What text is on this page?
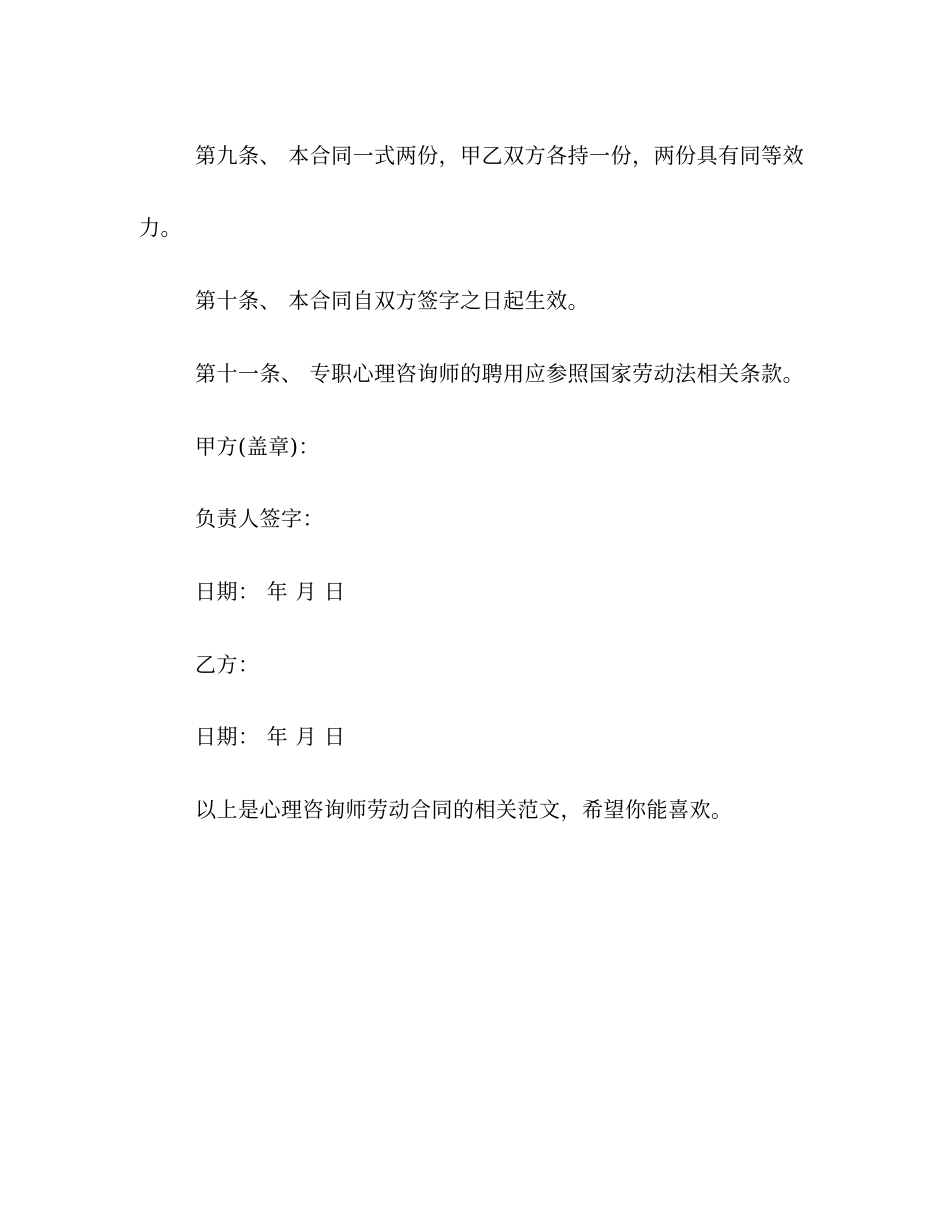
第九条、 本合同一式两份，甲乙双方各持一份，两份具有同等效
力。
第十条、 本合同自双方签字之日起生效。
第十一条、 专职心理咨询师的聘用应参照国家劳动法相关条款。
甲方(盖章)：
负责人签字：
日期： 年 月 日
乙方：
日期： 年 月 日
以上是心理咨询师劳动合同的相关范文，希望你能喜欢。
